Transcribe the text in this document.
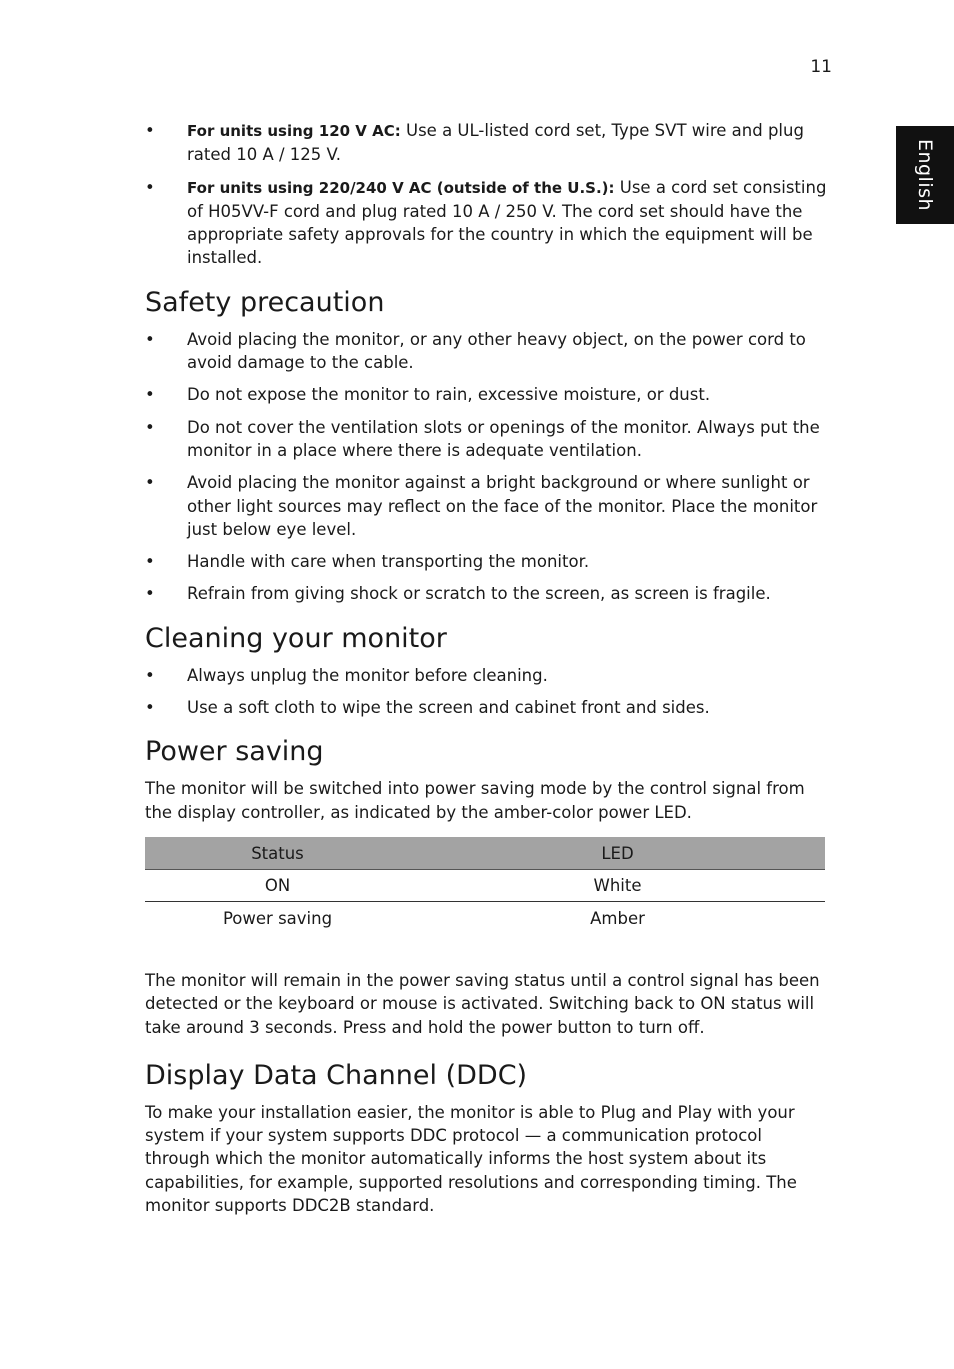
11
English
• For units using 120 V AC: Use a UL-listed cord set, Type SVT wire and plug rated 10 A / 125 V.
• For units using 220/240 V AC (outside of the U.S.): Use a cord set consisting of H05VV-F cord and plug rated 10 A / 250 V. The cord set should have the appropriate safety approvals for the country in which the equipment will be installed.
Safety precaution
• Avoid placing the monitor, or any other heavy object, on the power cord to avoid damage to the cable.
• Do not expose the monitor to rain, excessive moisture, or dust.
• Do not cover the ventilation slots or openings of the monitor. Always put the monitor in a place where there is adequate ventilation.
• Avoid placing the monitor against a bright background or where sunlight or other light sources may reflect on the face of the monitor. Place the monitor just below eye level.
• Handle with care when transporting the monitor.
• Refrain from giving shock or scratch to the screen, as screen is fragile.
Cleaning your monitor
• Always unplug the monitor before cleaning.
• Use a soft cloth to wipe the screen and cabinet front and sides.
Power saving

The monitor will be switched into power saving mode by the control signal from the display controller, as indicated by the amber-color power LED.

Status	LED
ON	White
Power saving	Amber

The monitor will remain in the power saving status until a control signal has been detected or the keyboard or mouse is activated. Switching back to ON status will take around 3 seconds. Press and hold the power button to turn off.

Display Data Channel (DDC)

To make your installation easier, the monitor is able to Plug and Play with your system if your system supports DDC protocol — a communication protocol through which the monitor automatically informs the host system about its capabilities, for example, supported resolutions and corresponding timing. The monitor supports DDC2B standard.
